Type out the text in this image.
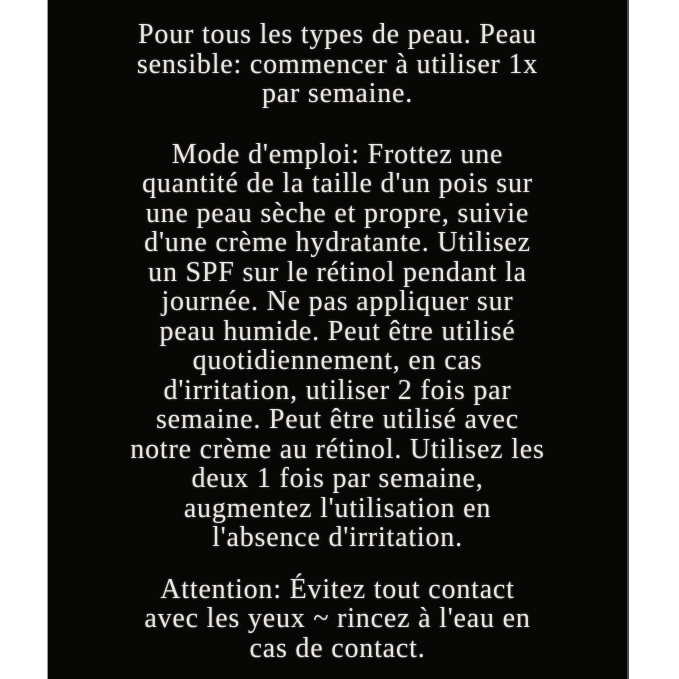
Pour tous les types de peau. Peau
sensible: commencer à utiliser 1x
par semaine.

Mode d'emploi: Frottez une
quantité de la taille d'un pois sur
une peau sèche et propre, suivie
d'une crème hydratante. Utilisez
un SPF sur le rétinol pendant la
journée. Ne pas appliquer sur
peau humide. Peut être utilisé
quotidiennement, en cas
d'irritation, utiliser 2 fois par
semaine. Peut être utilisé avec
notre crème au rétinol. Utilisez les
deux 1 fois par semaine,
augmentez l'utilisation en
l'absence d'irritation.

Attention: Évitez tout contact
avec les yeux ~ rincez à l'eau en
cas de contact.
